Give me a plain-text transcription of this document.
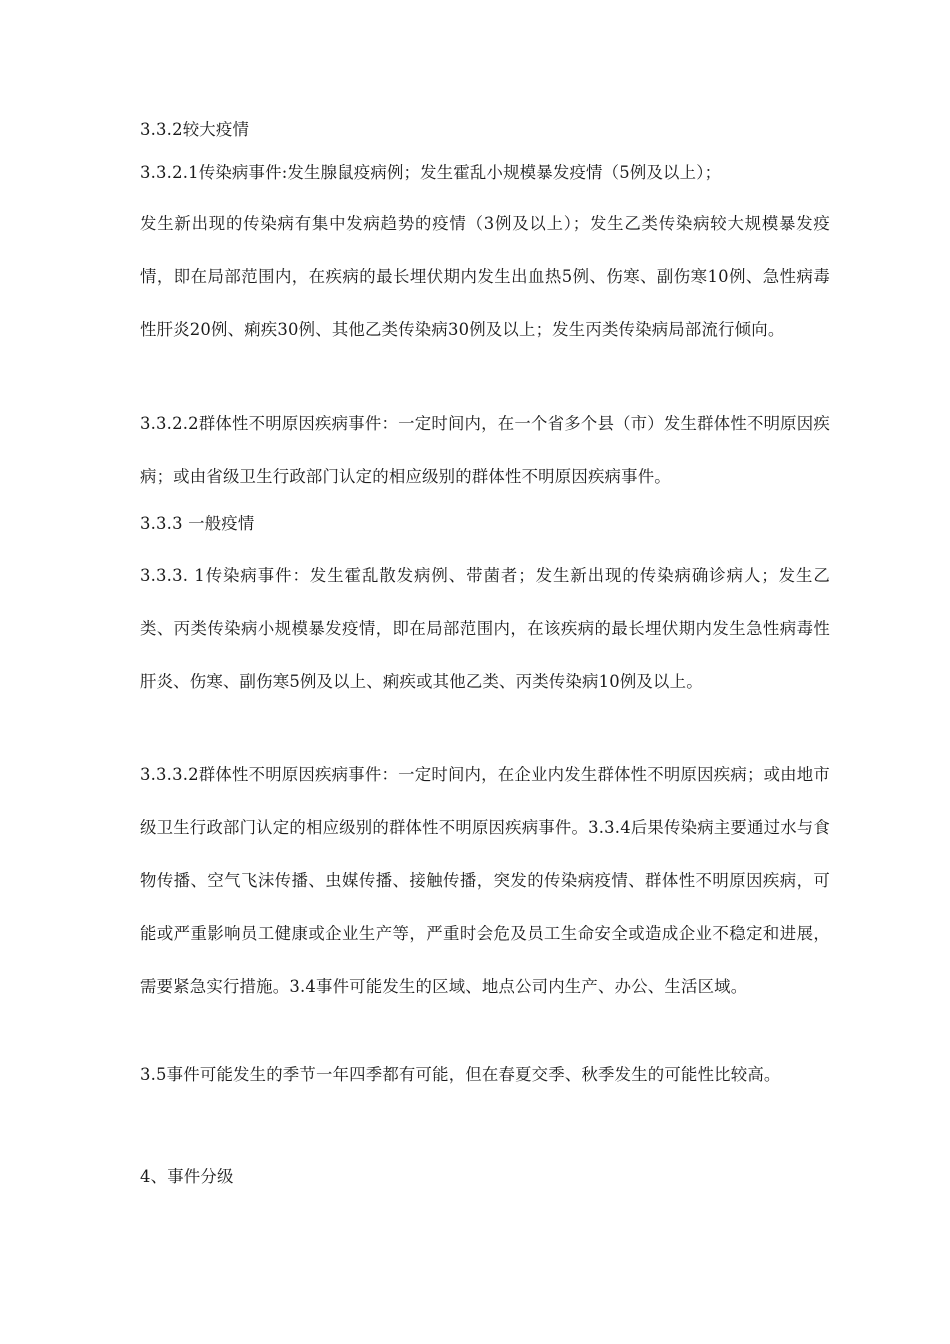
3.3.2较大疫情

3.3.2.1传染病事件:发生腺鼠疫病例；发生霍乱小规模暴发疫情（5例及以上）；

发生新出现的传染病有集中发病趋势的疫情（3例及以上）；发生乙类传染病较大规模暴发疫情，即在局部范围内，在疾病的最长埋伏期内发生出血热5例、伤寒、副伤寒10例、急性病毒性肝炎20例、痢疾30例、其他乙类传染病30例及以上；发生丙类传染病局部流行倾向。

3.3.2.2群体性不明原因疾病事件：一定时间内，在一个省多个县（市）发生群体性不明原因疾病；或由省级卫生行政部门认定的相应级别的群体性不明原因疾病事件。

3.3.3 一般疫情

3.3.3. 1传染病事件：发生霍乱散发病例、带菌者；发生新出现的传染病确诊病人；发生乙类、丙类传染病小规模暴发疫情，即在局部范围内，在该疾病的最长埋伏期内发生急性病毒性肝炎、伤寒、副伤寒5例及以上、痢疾或其他乙类、丙类传染病10例及以上。

3.3.3.2群体性不明原因疾病事件：一定时间内，在企业内发生群体性不明原因疾病；或由地市级卫生行政部门认定的相应级别的群体性不明原因疾病事件。3.3.4后果传染病主要通过水与食物传播、空气飞沫传播、虫媒传播、接触传播，突发的传染病疫情、群体性不明原因疾病，可能或严重影响员工健康或企业生产等，严重时会危及员工生命安全或造成企业不稳定和进展，需要紧急实行措施。3.4事件可能发生的区域、地点公司内生产、办公、生活区域。

3.5事件可能发生的季节一年四季都有可能，但在春夏交季、秋季发生的可能性比较高。

4、事件分级
